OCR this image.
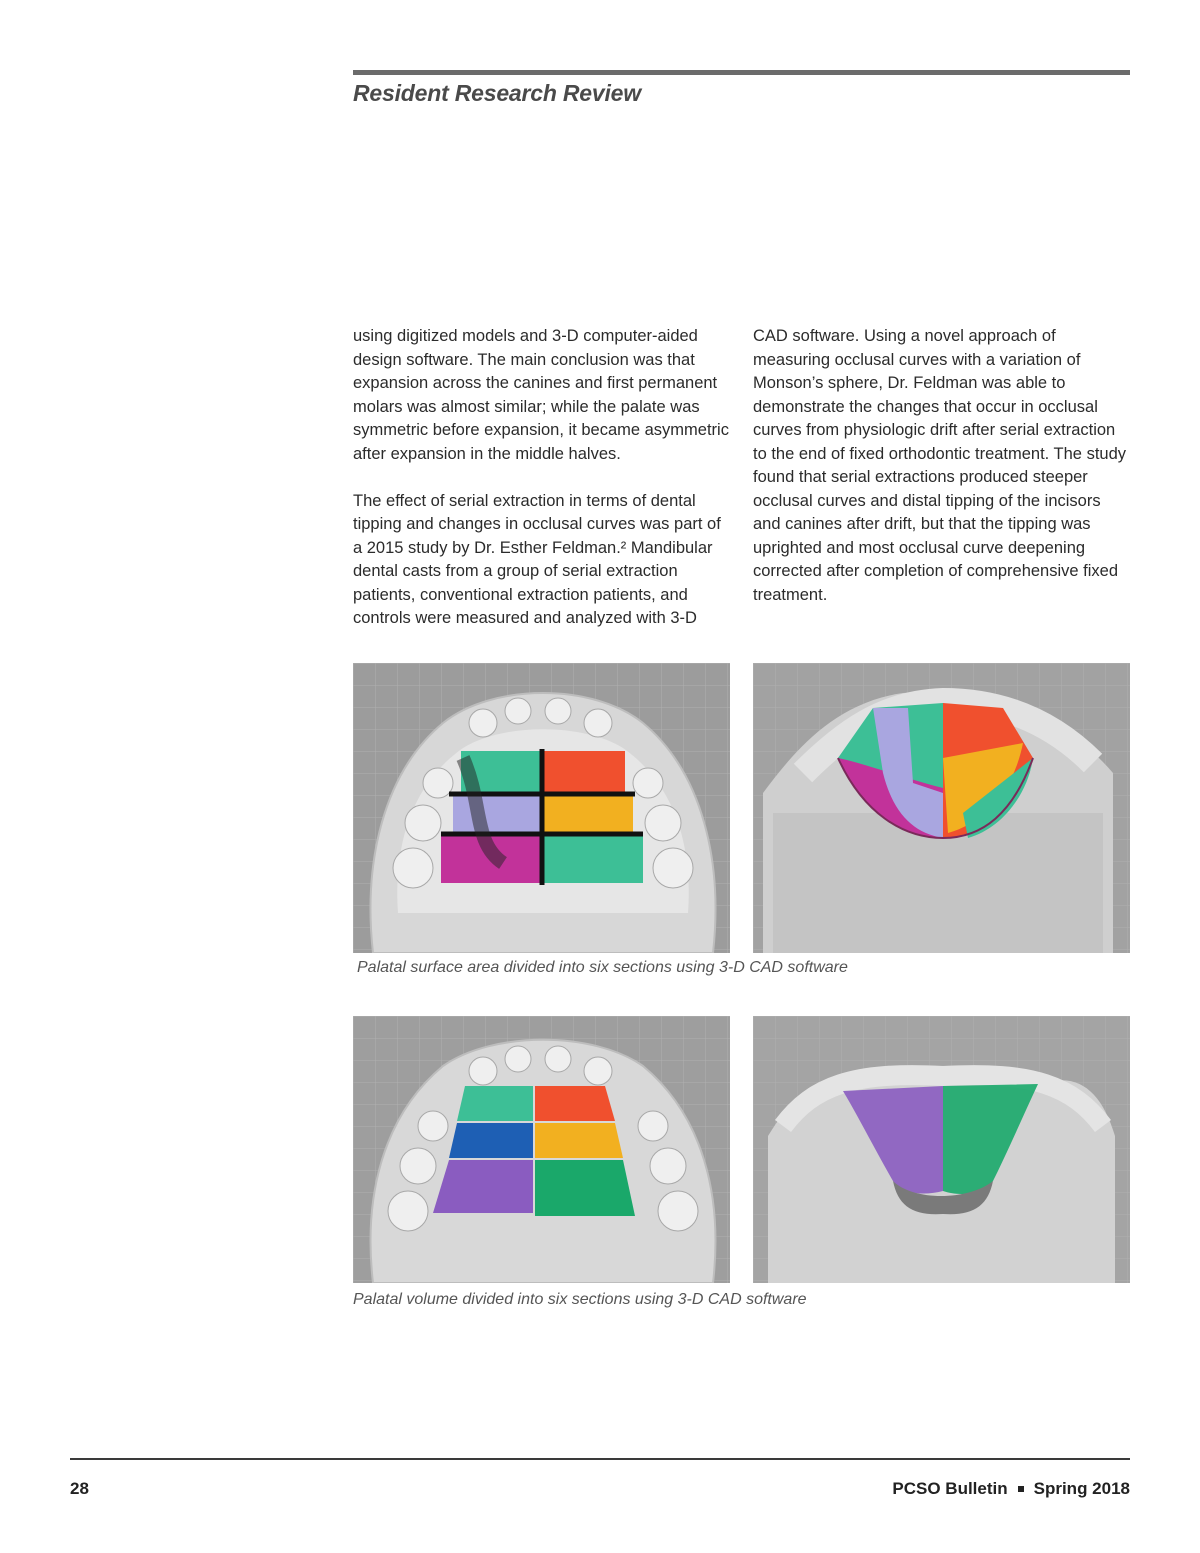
Resident Research Review

using digitized models and 3-D computer-aided design software. The main conclusion was that expansion across the canines and first permanent molars was almost similar; while the palate was symmetric before expansion, it became asymmetric after expansion in the middle halves.

The effect of serial extraction in terms of dental tipping and changes in occlusal curves was part of a 2015 study by Dr. Esther Feldman.² Mandibular dental casts from a group of serial extraction patients, conventional extraction patients, and controls were measured and analyzed with 3-D

CAD software. Using a novel approach of measuring occlusal curves with a variation of Monson’s sphere, Dr. Feldman was able to demonstrate the changes that occur in occlusal curves from physiologic drift after serial extraction to the end of fixed orthodontic treatment. The study found that serial extractions produced steeper occlusal curves and distal tipping of the incisors and canines after drift, but that the tipping was uprighted and most occlusal curve deepening corrected after completion of comprehensive fixed treatment.

Palatal surface area divided into six sections using 3-D CAD software
Palatal volume divided into six sections using 3-D CAD software
28	PCSO Bulletin Spring 2018
